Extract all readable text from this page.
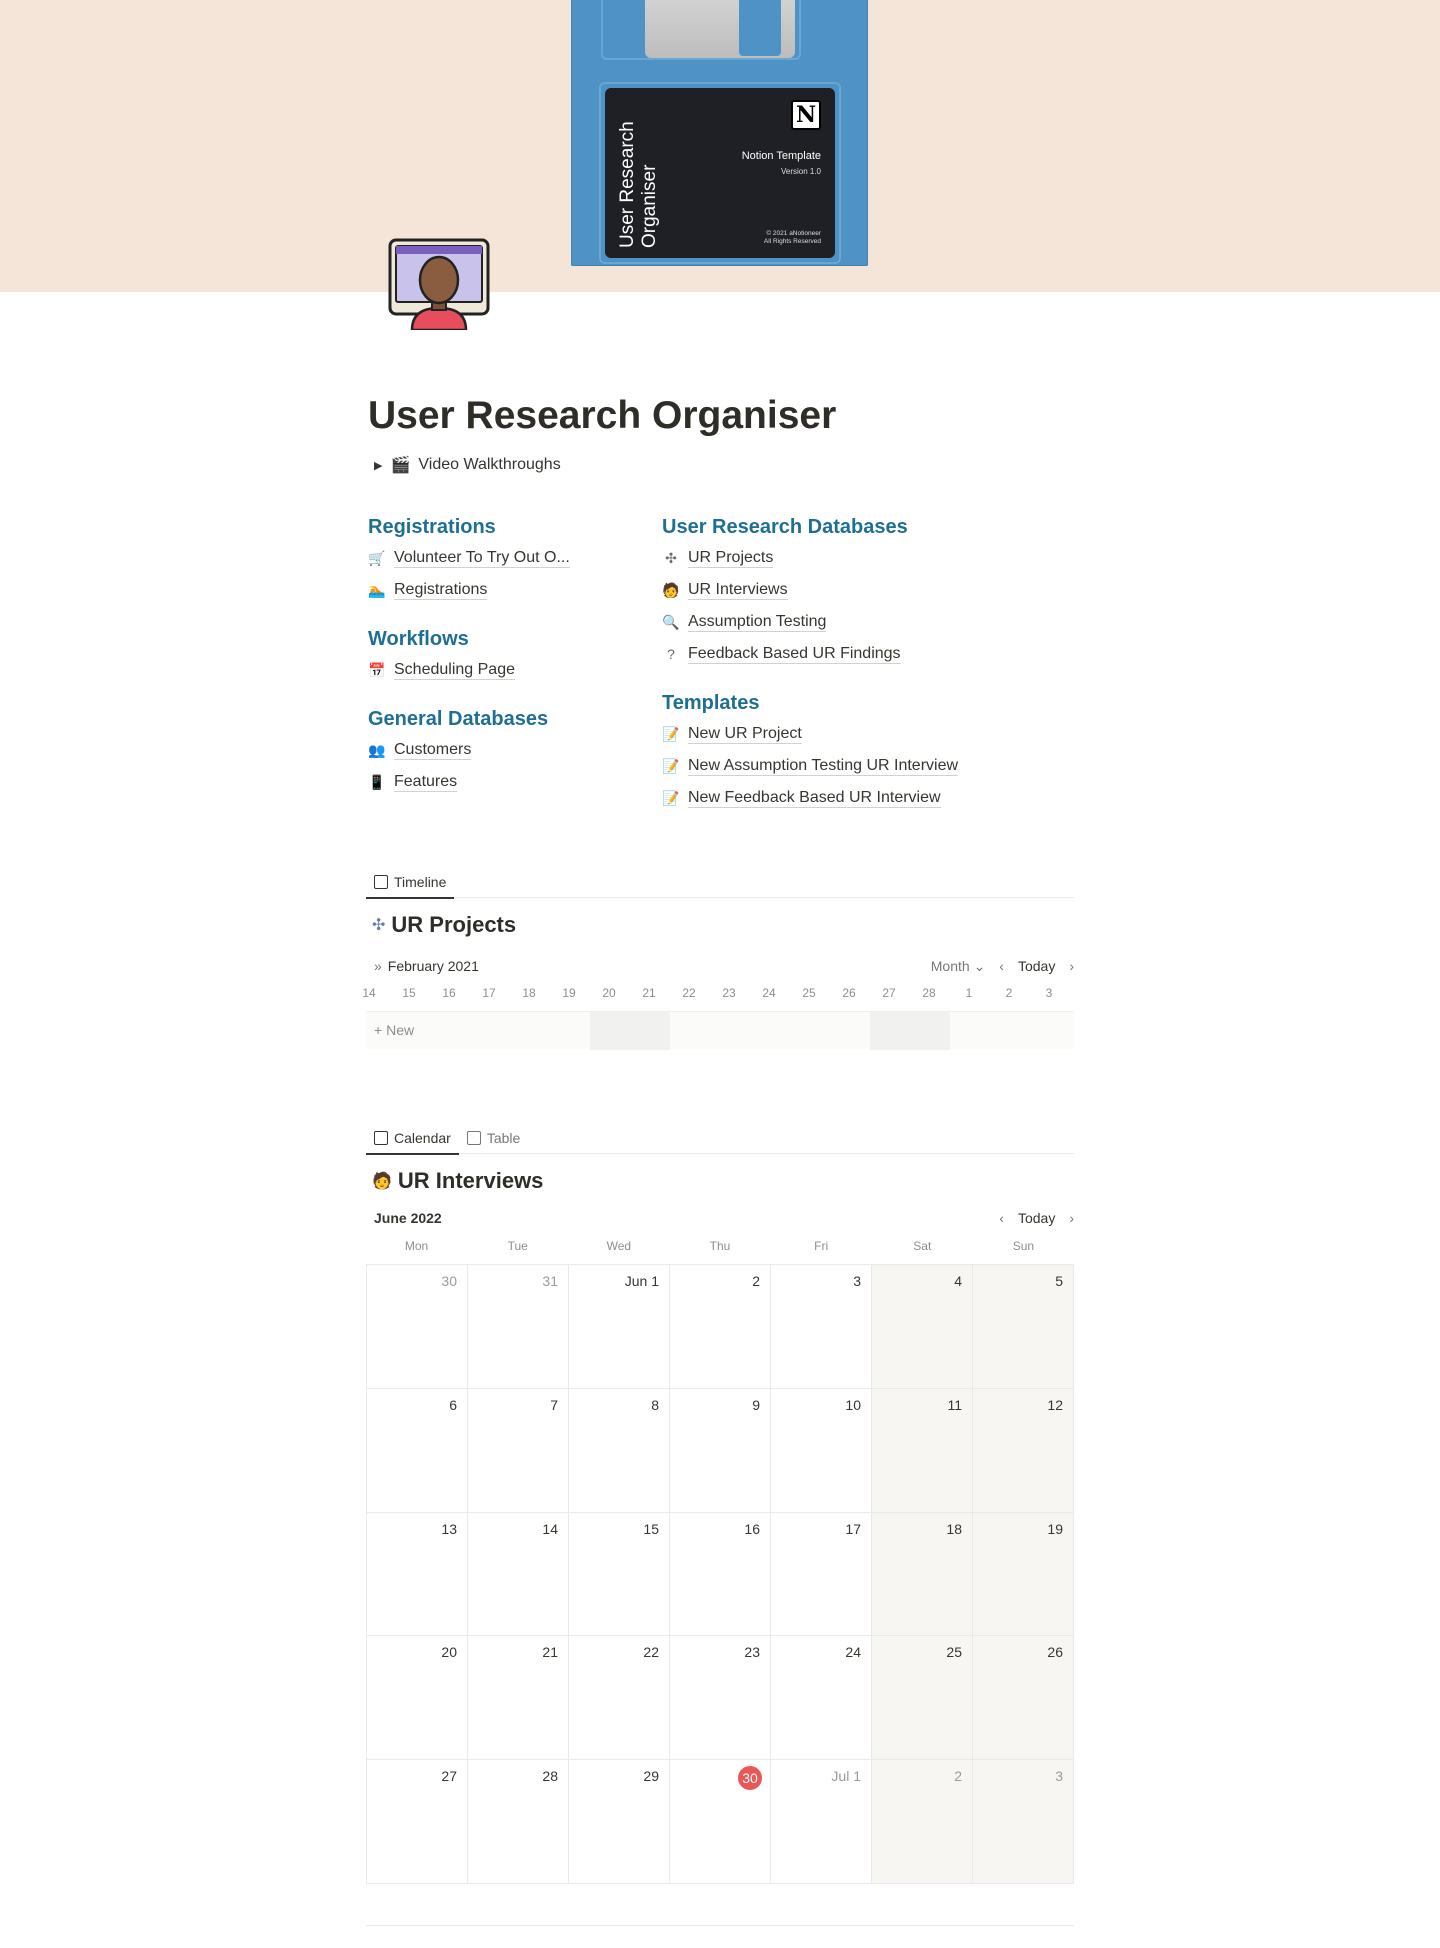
User Research Organiser
N
Notion Template
Version 1.0
© 2021 aNotioneer
All Rights Reserved
User Research Organiser
▶ 🎬 Video Walkthroughs
Registrations
🛒 Volunteer To Try Out O...
🏊 Registrations
Workflows
📅 Scheduling Page
General Databases
👥 Customers
📱 Features
User Research Databases
✣ UR Projects
🧑 UR Interviews
🔍 Assumption Testing
? Feedback Based UR Findings
Templates
📝 New UR Project
📝 New Assumption Testing UR Interview
📝 New Feedback Based UR Interview
Timeline
✣ UR Projects
» February 2021	Month ⌄ ‹ Today ›
14	15	16	17	18	19	20	21	22	23	24	25	26	27	28	1	2	3
+ New
Calendar	Table
🧑 UR Interviews
June 2022	‹ Today ›
Mon	Tue	Wed	Thu	Fri	Sat	Sun
30	31	Jun 1	2	3	4	5
6	7	8	9	10	11	12
13	14	15	16	17	18	19
20	21	22	23	24	25	26
27	28	29	30	Jul 1	2	3
